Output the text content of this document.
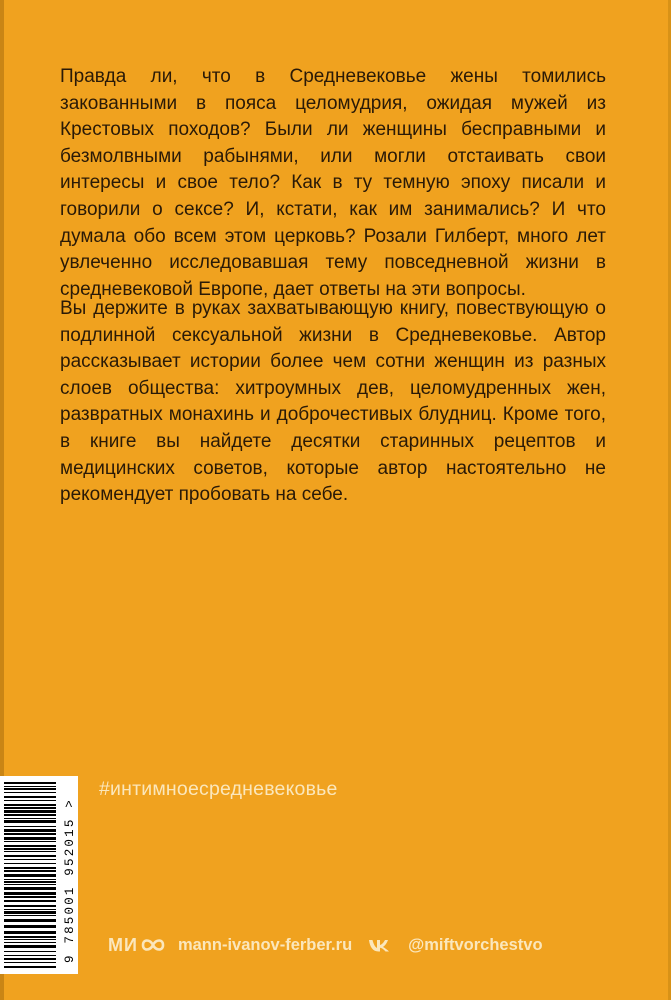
Правда ли, что в Средневековье жены томились закованными в пояса целомудрия, ожидая мужей из Крестовых походов? Были ли женщины бесправными и безмолвными рабынями, или могли отстаивать свои интересы и свое тело? Как в ту темную эпоху писали и говорили о сексе? И, кстати, как им занимались? И что думала обо всем этом церковь? Розали Гилберт, много лет увлеченно исследовавшая тему повседневной жизни в средневековой Европе, дает ответы на эти вопросы.

Вы держите в руках захватывающую книгу, повествующую о подлинной сексуальной жизни в Средневековье. Автор рассказывает истории более чем сотни женщин из разных слоев общества: хитроумных дев, целомудренных жен, развратных монахинь и доброчестивых блудниц. Кроме того, в книге вы найдете десятки старинных рецептов и медицинских советов, которые автор настоятельно не рекомендует пробовать на себе.

#интимноесредневековье
9 785001 952015 > МИ mann-ivanov-ferber.ru	@miftvorchestvo
